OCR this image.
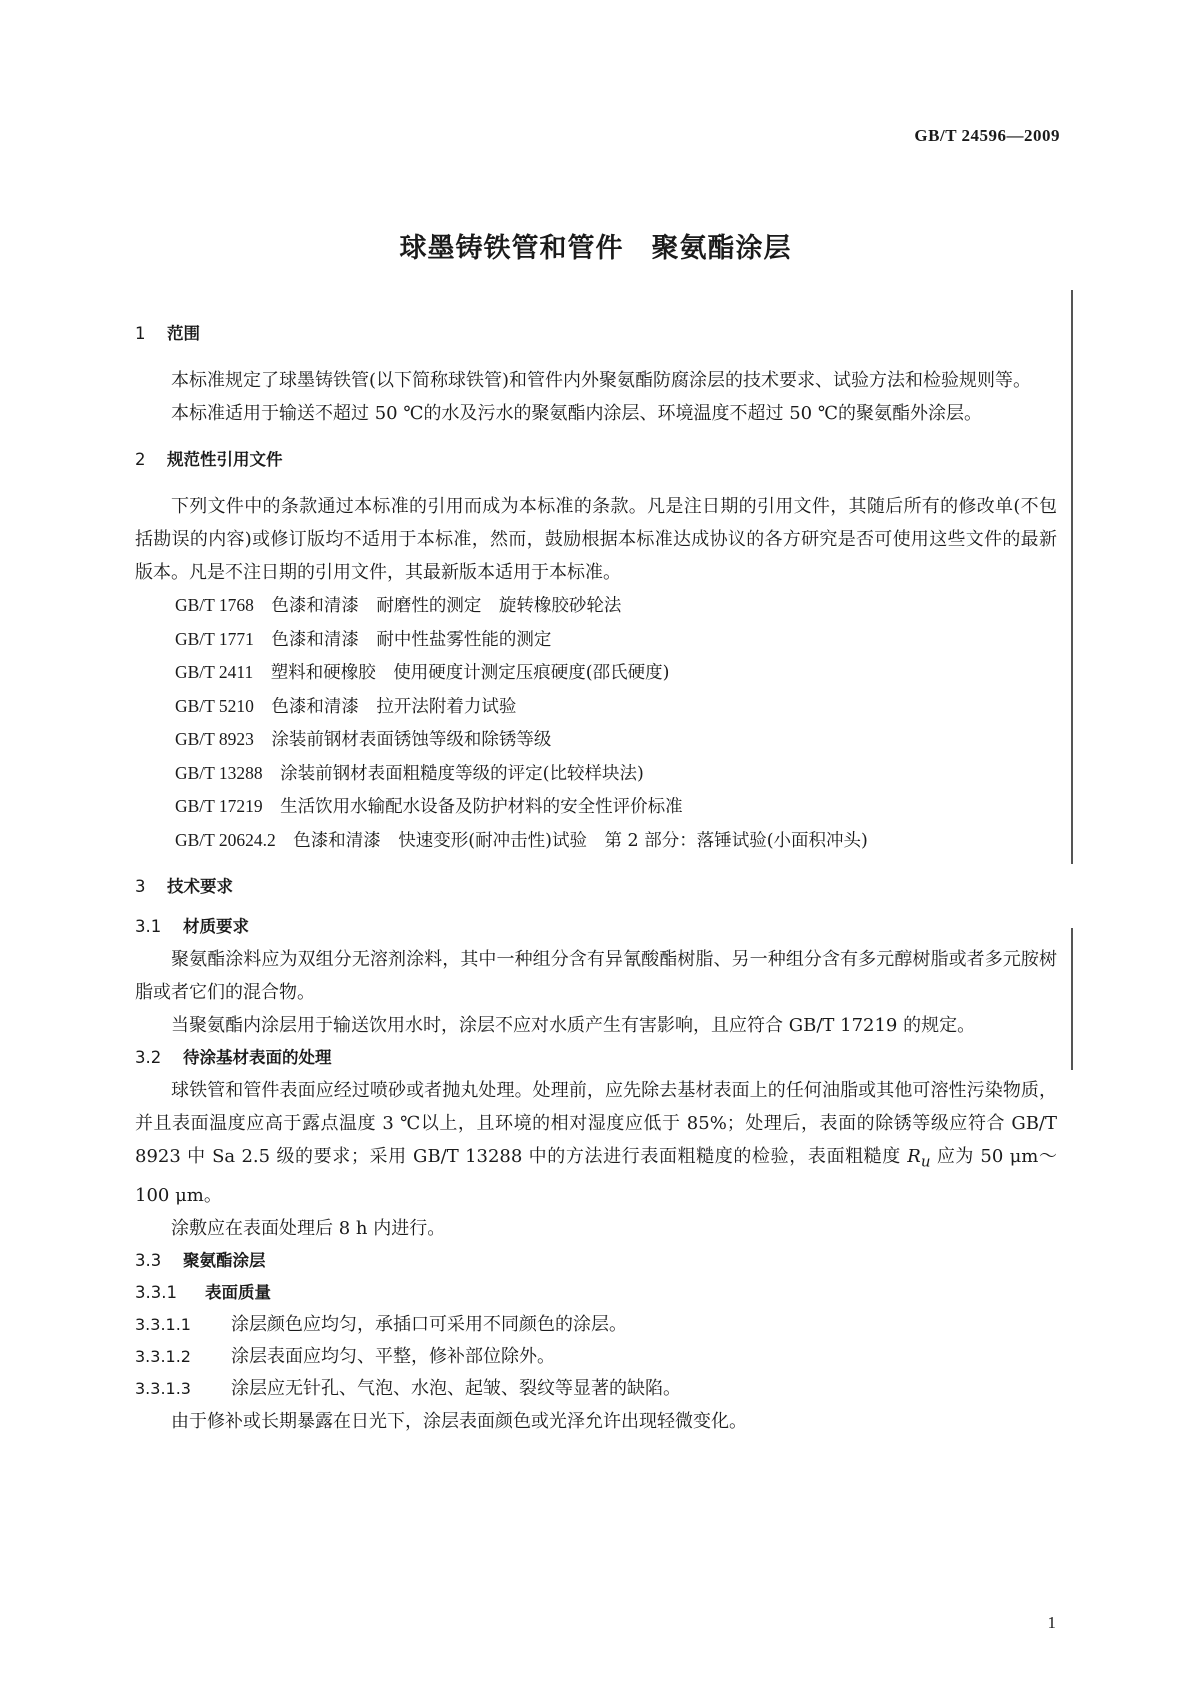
GB/T 24596—2009
球墨铸铁管和管件　聚氨酯涂层

1 范围

本标准规定了球墨铸铁管(以下简称球铁管)和管件内外聚氨酯防腐涂层的技术要求、试验方法和检验规则等。

本标准适用于输送不超过 50 ℃的水及污水的聚氨酯内涂层、环境温度不超过 50 ℃的聚氨酯外涂层。

2 规范性引用文件

下列文件中的条款通过本标准的引用而成为本标准的条款。凡是注日期的引用文件，其随后所有的修改单(不包括勘误的内容)或修订版均不适用于本标准，然而，鼓励根据本标准达成协议的各方研究是否可使用这些文件的最新版本。凡是不注日期的引用文件，其最新版本适用于本标准。

GB/T 1768　 色漆和清漆　耐磨性的测定　旋转橡胶砂轮法

GB/T 1771　 色漆和清漆　耐中性盐雾性能的测定

GB/T 2411　 塑料和硬橡胶　使用硬度计测定压痕硬度(邵氏硬度)

GB/T 5210　 色漆和清漆　拉开法附着力试验

GB/T 8923　 涂装前钢材表面锈蚀等级和除锈等级

GB/T 13288　 涂装前钢材表面粗糙度等级的评定(比较样块法)

GB/T 17219　 生活饮用水输配水设备及防护材料的安全性评价标准

GB/T 20624.2　 色漆和清漆　快速变形(耐冲击性)试验　第 2 部分：落锤试验(小面积冲头)

3 技术要求

3.1 材质要求

聚氨酯涂料应为双组分无溶剂涂料，其中一种组分含有异氰酸酯树脂、另一种组分含有多元醇树脂或者多元胺树脂或者它们的混合物。

当聚氨酯内涂层用于输送饮用水时，涂层不应对水质产生有害影响，且应符合 GB/T 17219 的规定。

3.2 待涂基材表面的处理

球铁管和管件表面应经过喷砂或者抛丸处理。处理前，应先除去基材表面上的任何油脂或其他可溶性污染物质，并且表面温度应高于露点温度 3 ℃以上，且环境的相对湿度应低于 85%；处理后，表面的除锈等级应符合 GB/T 8923 中 Sa 2.5 级的要求；采用 GB/T 13288 中的方法进行表面粗糙度的检验，表面粗糙度 $R_u$ 应为 50 μm～100 μm。

涂敷应在表面处理后 8 h 内进行。

3.3 聚氨酯涂层

3.3.1 表面质量

3.3.1.1 涂层颜色应均匀，承插口可采用不同颜色的涂层。

3.3.1.2 涂层表面应均匀、平整，修补部位除外。

3.3.1.3 涂层应无针孔、气泡、水泡、起皱、裂纹等显著的缺陷。

由于修补或长期暴露在日光下，涂层表面颜色或光泽允许出现轻微变化。

1
